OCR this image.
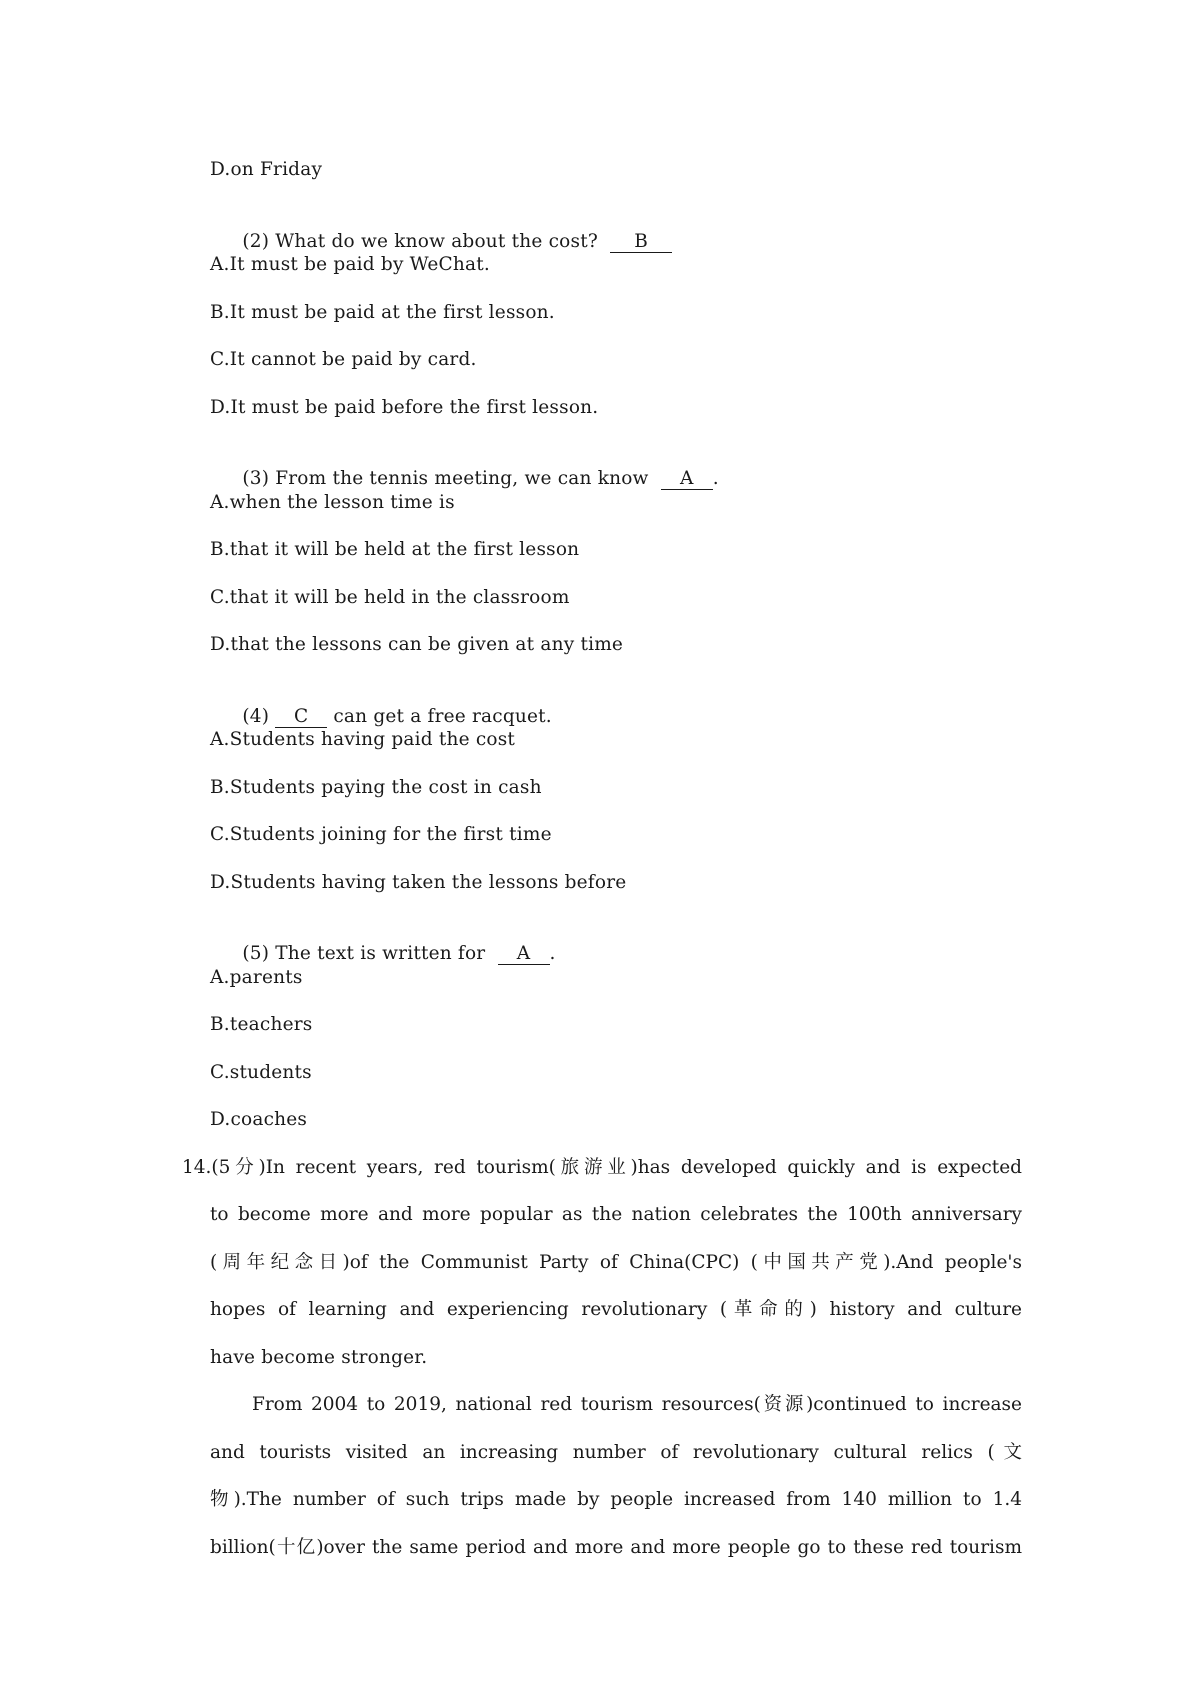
D.on Friday

(2) What do we know about the cost? B

A.It must be paid by WeChat.
B.It must be paid at the first lesson.
C.It cannot be paid by card.
D.It must be paid before the first lesson.

(3) From the tennis meeting, we can know A .

A.when the lesson time is
B.that it will be held at the first lesson
C.that it will be held in the classroom
D.that the lessons can be given at any time

(4) C can get a free racquet.

A.Students having paid the cost
B.Students paying the cost in cash
C.Students joining for the first time
D.Students having taken the lessons before

(5) The text is written for A .

A.parents
B.teachers
C.students
D.coaches
14.(5分)In recent years, red tourism(旅游业)has developed quickly and is expected
to become more and more popular as the nation celebrates the 100th anniversary
(周年纪念日)of the Communist Party of China(CPC) (中国共产党).And people's
hopes of learning and experiencing revolutionary (革命的) history and culture
have become stronger.
From 2004 to 2019, national red tourism resources(资源)continued to increase
and tourists visited an increasing number of revolutionary cultural relics (文
物).The number of such trips made by people increased from 140 million to 1.4
billion(十亿)over the same period and more and more people go to these red tourism
